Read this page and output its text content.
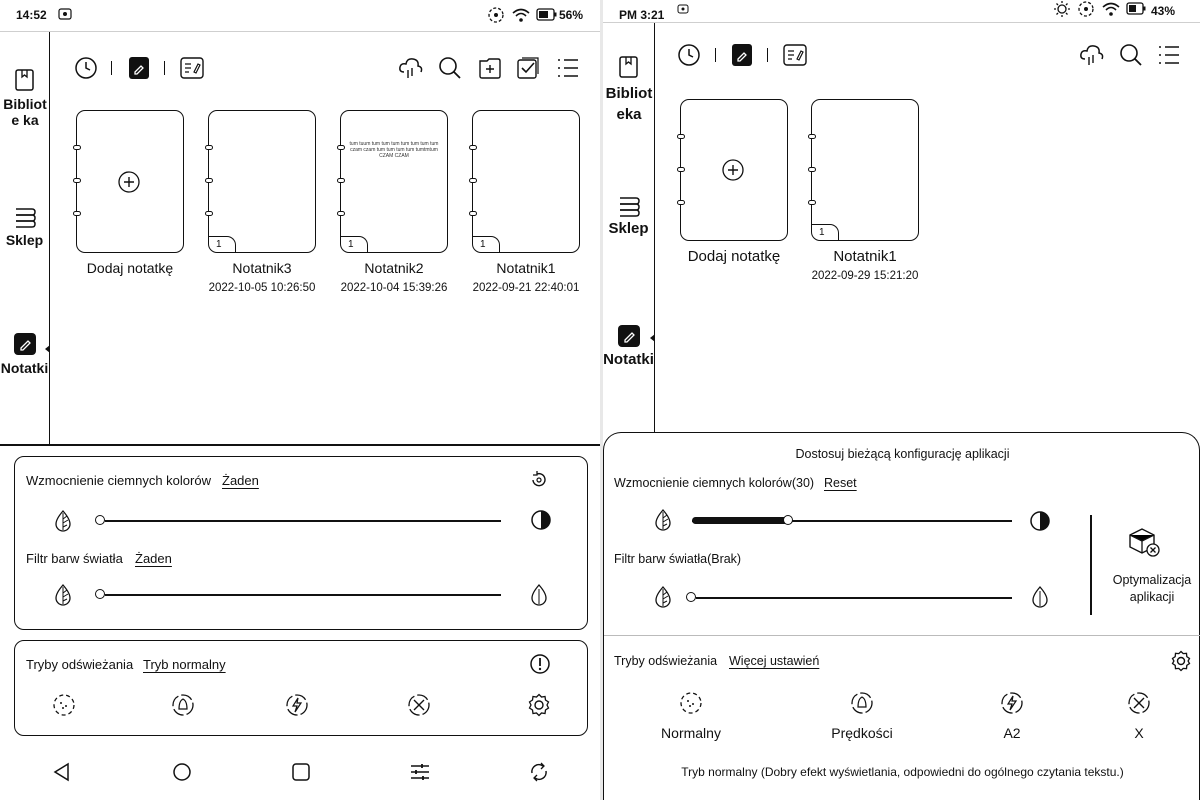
14:52	56%
Bibliote ka
Sklep
Notatki
Dodaj notatkę
1
Notatnik3
2022-10-05 10:26:50
tum tuum tum tum tum tum tum tum tum czam czam tum tum tum tum tumtmtum CZAM CZAM
1
Notatnik2
2022-10-04 15:39:26
1
Notatnik1
2022-09-21 22:40:01
Wzmocnienie ciemnych kolorów Żaden
Filtr barw światła Żaden
Tryby odświeżania Tryb normalny
PM 3:21	43%
Bibliot eka
Sklep
Notatki
Dodaj notatkę
1
Notatnik1
2022-09-29 15:21:20
Dostosuj bieżącą konfigurację aplikacji
Wzmocnienie ciemnych kolorów(30) Reset
Filtr barw światła(Brak)
Optymalizacja aplikacji
Tryby odświeżania Więcej ustawień
Normalny	Prędkości	A2	X
Tryb normalny (Dobry efekt wyświetlania, odpowiedni do ogólnego czytania tekstu.)
